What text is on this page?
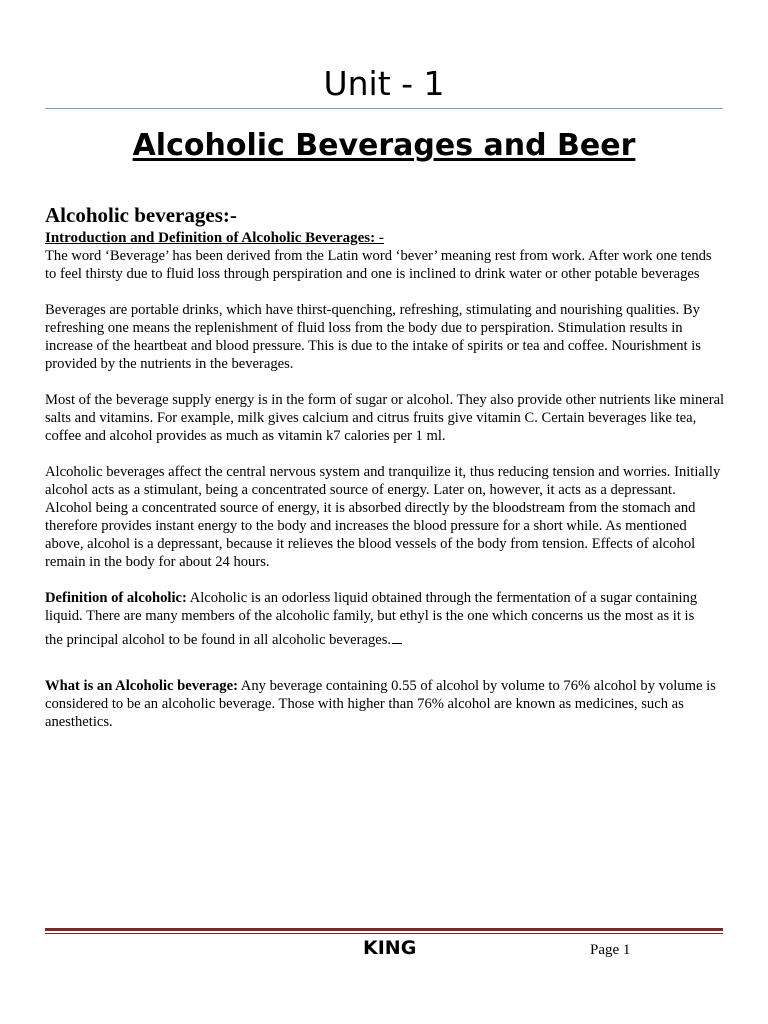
Unit - 1
Alcoholic Beverages and Beer
Alcoholic beverages:-
Introduction and Definition of Alcoholic Beverages: -

The word ‘Beverage’ has been derived from the Latin word ‘bever’ meaning rest from work. After work one tends to feel thirsty due to fluid loss through perspiration and one is inclined to drink water or other potable beverages

Beverages are portable drinks, which have thirst-quenching, refreshing, stimulating and nourishing qualities. By refreshing one means the replenishment of fluid loss from the body due to perspiration. Stimulation results in increase of the heartbeat and blood pressure. This is due to the intake of spirits or tea and coffee. Nourishment is provided by the nutrients in the beverages.

Most of the beverage supply energy is in the form of sugar or alcohol. They also provide other nutrients like mineral salts and vitamins. For example, milk gives calcium and citrus fruits give vitamin C. Certain beverages like tea, coffee and alcohol provides as much as vitamin k7 calories per 1 ml.

Alcoholic beverages affect the central nervous system and tranquilize it, thus reducing tension and worries. Initially alcohol acts as a stimulant, being a concentrated source of energy. Later on, however, it acts as a depressant. Alcohol being a concentrated source of energy, it is absorbed directly by the bloodstream from the stomach and therefore provides instant energy to the body and increases the blood pressure for a short while. As mentioned above, alcohol is a depressant, because it relieves the blood vessels of the body from tension. Effects of alcohol remain in the body for about 24 hours.

Definition of alcoholic: Alcoholic is an odorless liquid obtained through the fermentation of a sugar containing liquid. There are many members of the alcoholic family, but ethyl is the one which concerns us the most as it is
the principal alcohol to be found in all alcoholic beverages.

What is an Alcoholic beverage: Any beverage containing 0.55 of alcohol by volume to 76% alcohol by volume is considered to be an alcoholic beverage. Those with higher than 76% alcohol are known as medicines, such as anesthetics.

KING	Page 1
